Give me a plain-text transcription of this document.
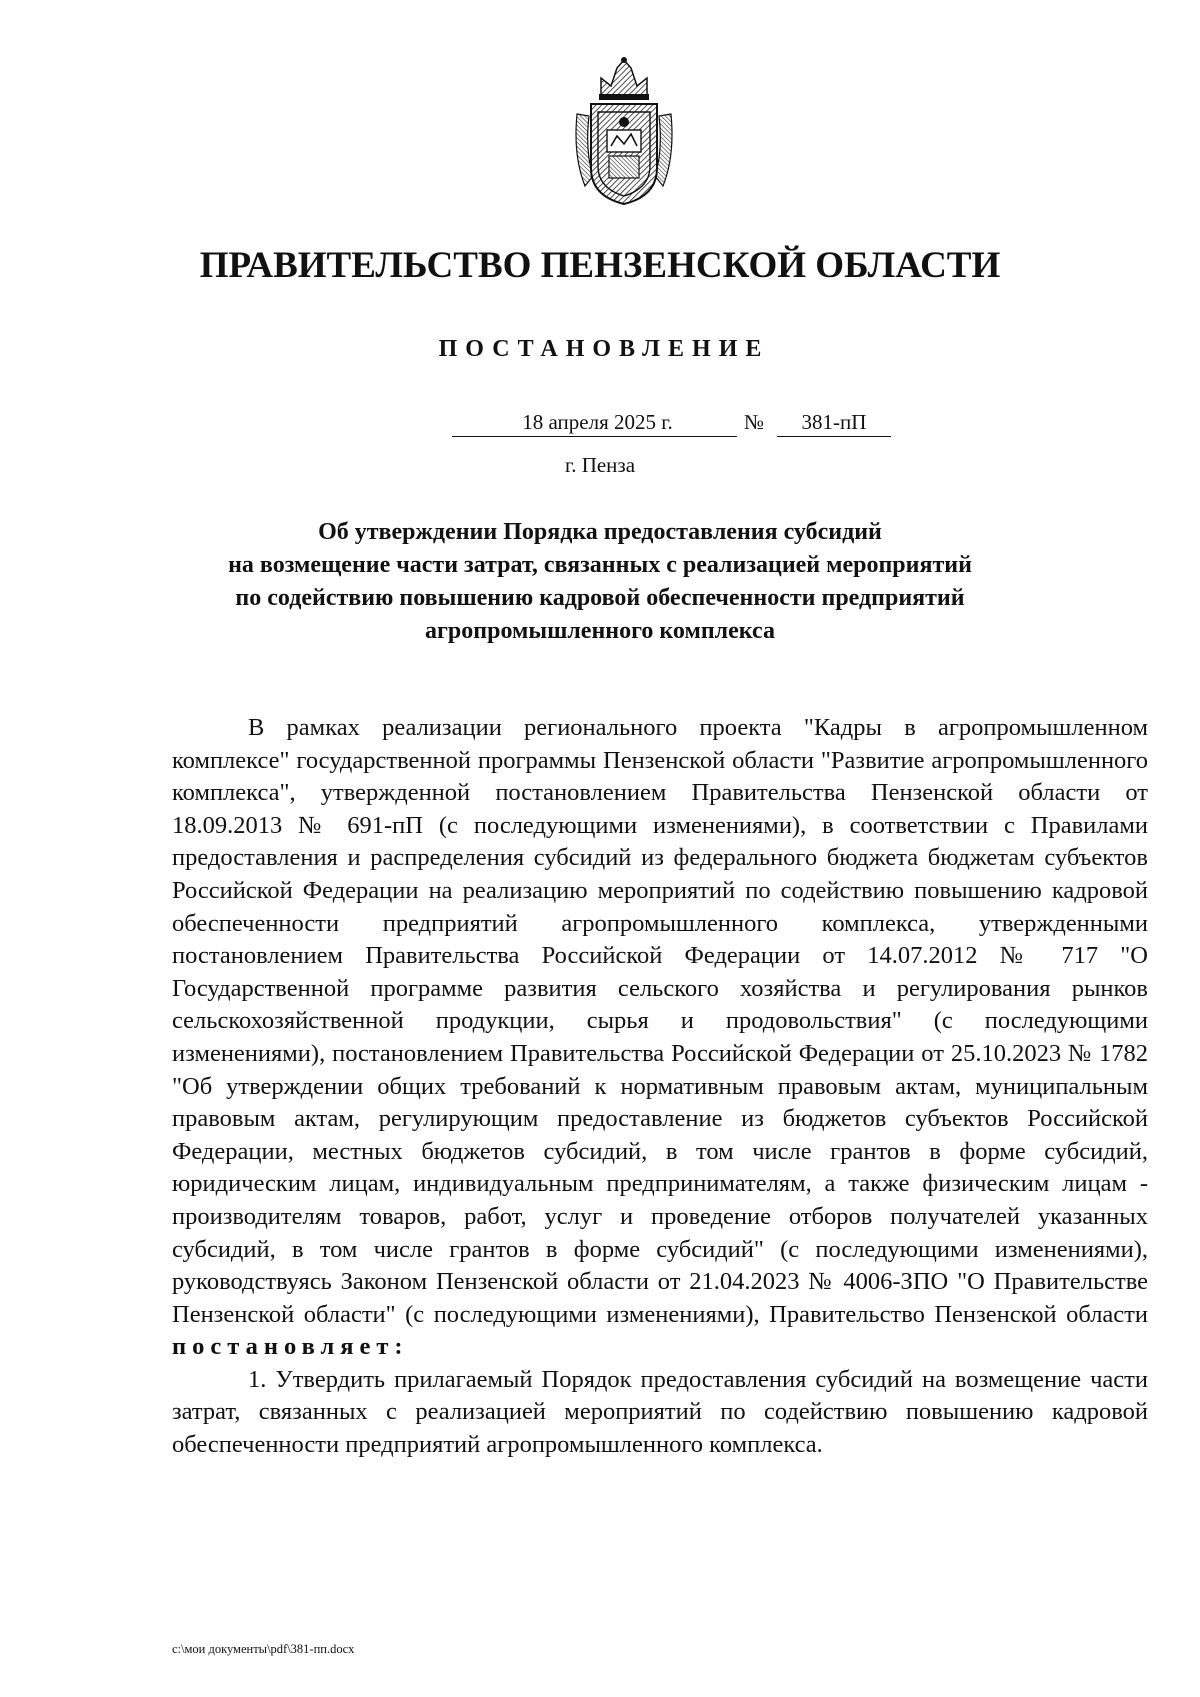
ПРАВИТЕЛЬСТВО ПЕНЗЕНСКОЙ ОБЛАСТИ
ПОСТАНОВЛЕНИЕ
18 апреля 2025 г.	№	381-пП
г. Пенза
Об утверждении Порядка предоставления субсидий
на возмещение части затрат, связанных с реализацией мероприятий
по содействию повышению кадровой обеспеченности предприятий
агропромышленного комплекса

В рамках реализации регионального проекта "Кадры в агропромышленном комплексе" государственной программы Пензенской области "Развитие агропромышленного комплекса", утвержденной постановлением Правительства Пензенской области от 18.09.2013 № 691-пП (с последующими изменениями), в соответствии с Правилами предоставления и распределения субсидий из федерального бюджета бюджетам субъектов Российской Федерации на реализацию мероприятий по содействию повышению кадровой обеспеченности предприятий агропромышленного комплекса, утвержденными постановлением Правительства Российской Федерации от 14.07.2012 № 717 "О Государственной программе развития сельского хозяйства и регулирования рынков сельскохозяйственной продукции, сырья и продовольствия" (с последующими изменениями), постановлением Правительства Российской Федерации от 25.10.2023 № 1782 "Об утверждении общих требований к нормативным правовым актам, муниципальным правовым актам, регулирующим предоставление из бюджетов субъектов Российской Федерации, местных бюджетов субсидий, в том числе грантов в форме субсидий, юридическим лицам, индивидуальным предпринимателям, а также физическим лицам - производителям товаров, работ, услуг и проведение отборов получателей указанных субсидий, в том числе грантов в форме субсидий" (с последующими изменениями), руководствуясь Законом Пензенской области от 21.04.2023 № 4006-ЗПО "О Правительстве Пензенской области" (с последующими изменениями), Правительство Пензенской области постановляет:

1. Утвердить прилагаемый Порядок предоставления субсидий на возмещение части затрат, связанных с реализацией мероприятий по содействию повышению кадровой обеспеченности предприятий агропромышленного комплекса.

c:\мои документы\pdf\381-пп.docx
